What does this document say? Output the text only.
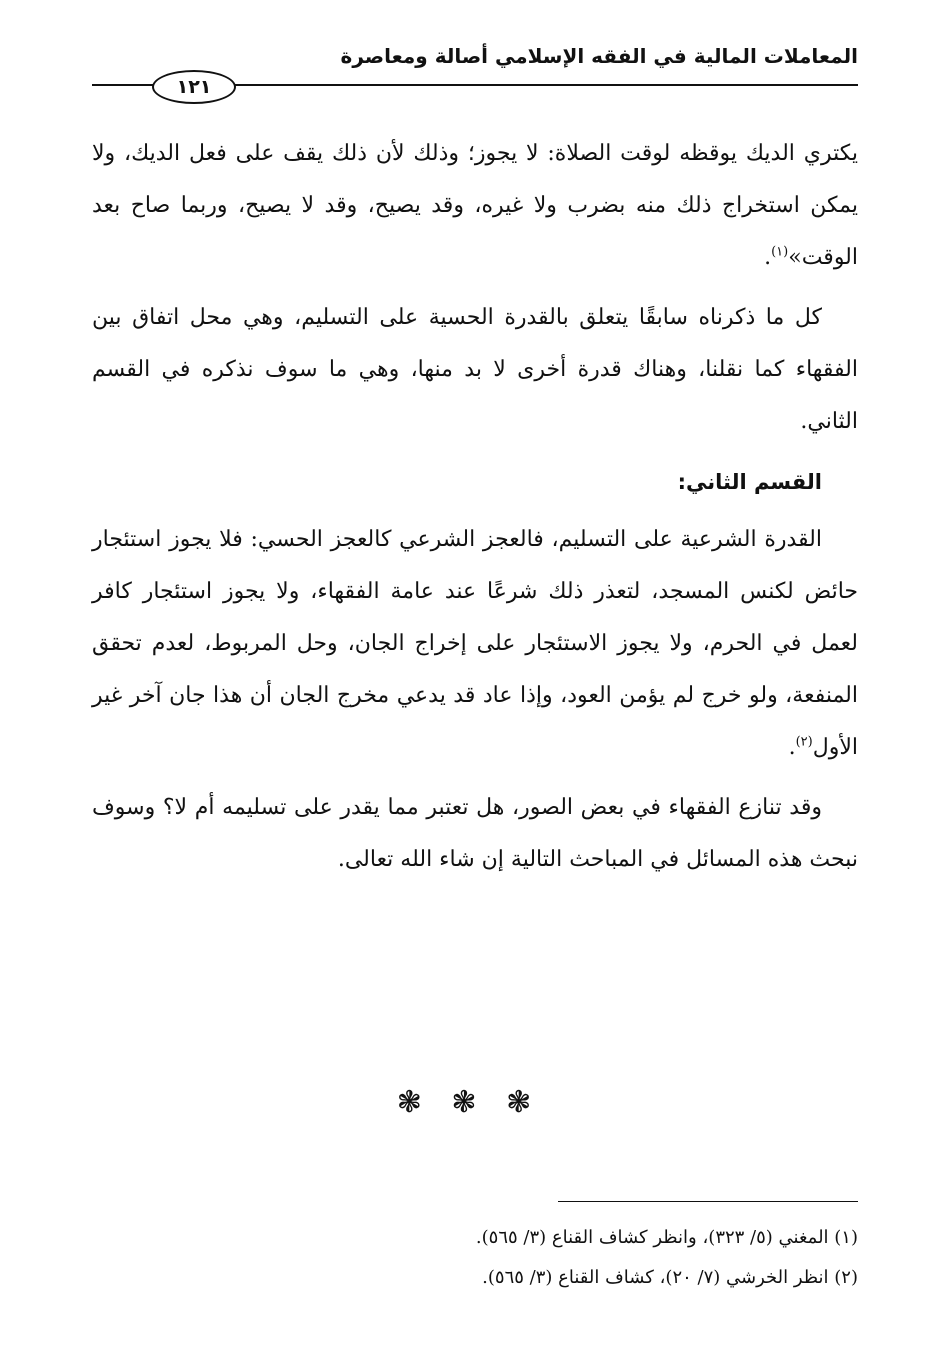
المعاملات المالية في الفقه الإسلامي أصالة ومعاصرة
١٢١

يكتري الديك يوقظه لوقت الصلاة: لا يجوز؛ وذلك لأن ذلك يقف على فعل الديك، ولا يمكن استخراج ذلك منه بضرب ولا غيره، وقد يصيح، وقد لا يصيح، وربما صاح بعد الوقت»$^{(١)}$.

كل ما ذكرناه سابقًا يتعلق بالقدرة الحسية على التسليم، وهي محل اتفاق بين الفقهاء كما نقلنا، وهناك قدرة أخرى لا بد منها، وهي ما سوف نذكره في القسم الثاني.

القسم الثاني:

القدرة الشرعية على التسليم، فالعجز الشرعي كالعجز الحسي: فلا يجوز استئجار حائض لكنس المسجد، لتعذر ذلك شرعًا عند عامة الفقهاء، ولا يجوز استئجار كافر لعمل في الحرم، ولا يجوز الاستئجار على إخراج الجان، وحل المربوط، لعدم تحقق المنفعة، ولو خرج لم يؤمن العود، وإذا عاد قد يدعي مخرج الجان أن هذا جان آخر غير الأول$^{(٢)}$.

وقد تنازع الفقهاء في بعض الصور، هل تعتبر مما يقدر على تسليمه أم لا؟ وسوف نبحث هذه المسائل في المباحث التالية إن شاء الله تعالى.

❃ ❃ ❃
(١) المغني (٥/ ٣٢٣)، وانظر كشاف القناع (٣/ ٥٦٥).
(٢) انظر الخرشي (٧/ ٢٠)، كشاف القناع (٣/ ٥٦٥).
